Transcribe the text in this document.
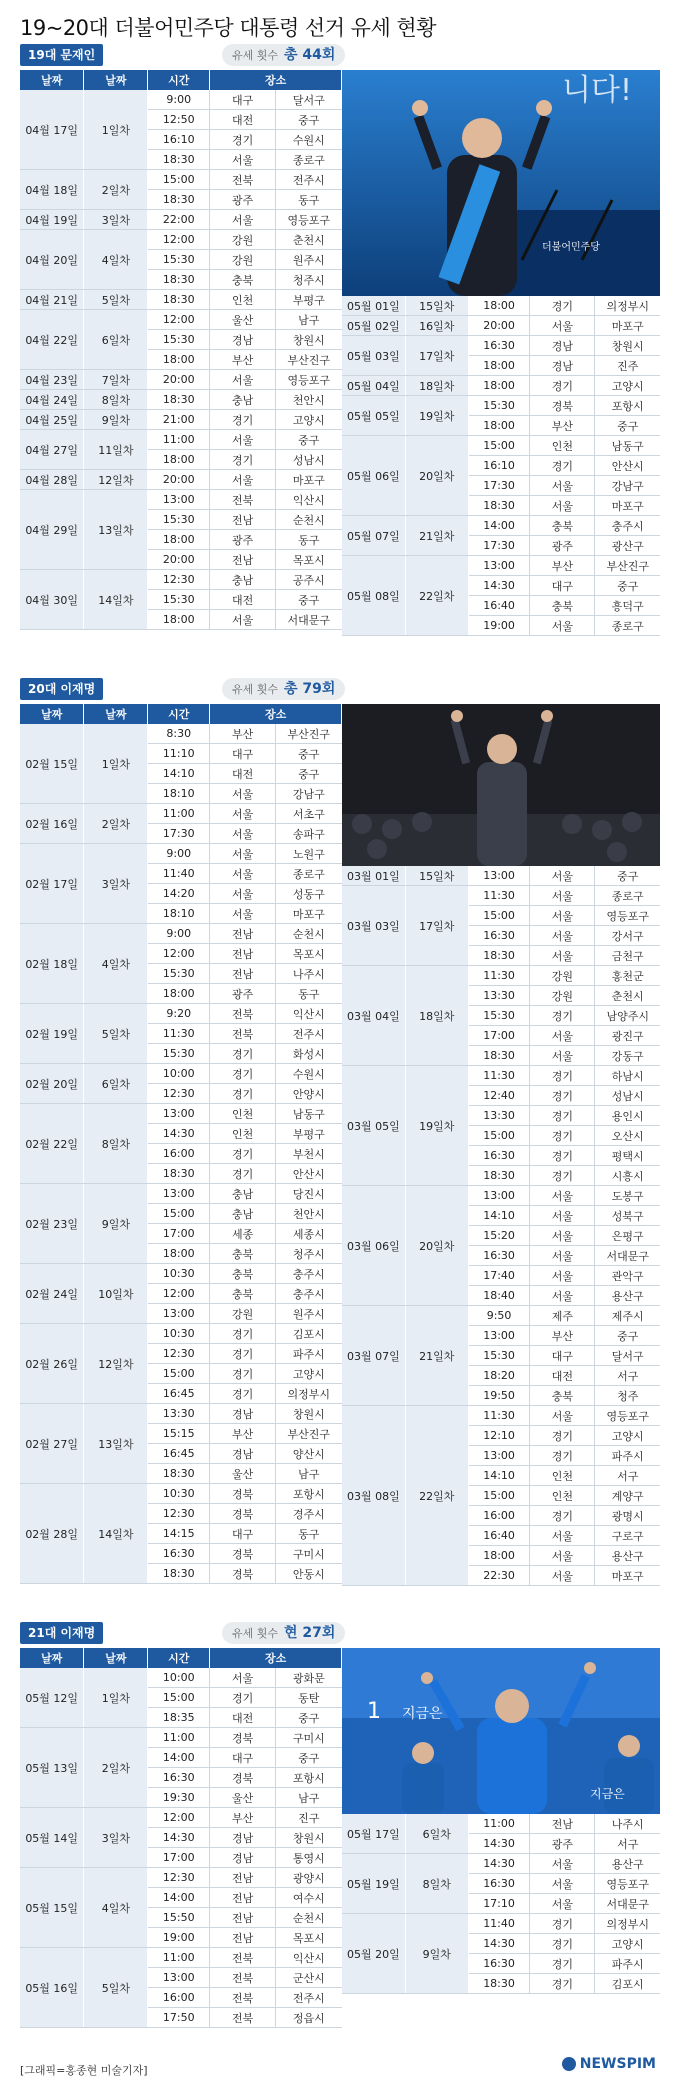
19~20대 더불어민주당 대통령 선거 유세 현황
19대 문재인	유세 횟수 총 44회
니다!
더불어민주당
날짜	날짜	시간	장소	
04월 17일	1일차	9:00	대구	달서구
		12:50	대전	중구
		16:10	경기	수원시
		18:30	서울	종로구
04월 18일	2일차	15:00	전북	전주시
		18:30	광주	동구
04월 19일	3일차	22:00	서울	영등포구
04월 20일	4일차	12:00	강원	춘천시
		15:30	강원	원주시
		18:30	충북	청주시
04월 21일	5일차	18:30	인천	부평구
04월 22일	6일차	12:00	울산	남구
		15:30	경남	창원시
		18:00	부산	부산진구
04월 23일	7일차	20:00	서울	영등포구
04월 24일	8일차	18:30	충남	천안시
04월 25일	9일차	21:00	경기	고양시
04월 27일	11일차	11:00	서울	중구
		18:00	경기	성남시
04월 28일	12일차	20:00	서울	마포구
04월 29일	13일차	13:00	전북	익산시
		15:30	전남	순천시
		18:00	광주	동구
		20:00	전남	목포시
04월 30일	14일차	12:30	충남	공주시
		15:30	대전	중구
		18:00	서울	서대문구
05월 01일	15일차	18:00	경기	의정부시
05월 02일	16일차	20:00	서울	마포구
05월 03일	17일차	16:30	경남	창원시
		18:00	경남	진주
05월 04일	18일차	18:00	경기	고양시
05월 05일	19일차	15:30	경북	포항시
		18:00	부산	중구
05월 06일	20일차	15:00	인천	남동구
		16:10	경기	안산시
		17:30	서울	강남구
		18:30	서울	마포구
05월 07일	21일차	14:00	충북	충주시
		17:30	광주	광산구
05월 08일	22일차	13:00	부산	부산진구
		14:30	대구	중구
		16:40	충북	흥덕구
		19:00	서울	종로구
20대 이재명	유세 횟수 총 79회
날짜	날짜	시간	장소	
02월 15일	1일차	8:30	부산	부산진구
		11:10	대구	중구
		14:10	대전	중구
		18:10	서울	강남구
02월 16일	2일차	11:00	서울	서초구
		17:30	서울	송파구
02월 17일	3일차	9:00	서울	노원구
		11:40	서울	종로구
		14:20	서울	성동구
		18:10	서울	마포구
02월 18일	4일차	9:00	전남	순천시
		12:00	전남	목포시
		15:30	전남	나주시
		18:00	광주	동구
02월 19일	5일차	9:20	전북	익산시
		11:30	전북	전주시
		15:30	경기	화성시
02월 20일	6일차	10:00	경기	수원시
		12:30	경기	안양시
02월 22일	8일차	13:00	인천	남동구
		14:30	인천	부평구
		16:00	경기	부천시
		18:30	경기	안산시
02월 23일	9일차	13:00	충남	당진시
		15:00	충남	천안시
		17:00	세종	세종시
		18:00	충북	청주시
02월 24일	10일차	10:30	충북	충주시
		12:00	충북	충주시
		13:00	강원	원주시
02월 26일	12일차	10:30	경기	김포시
		12:30	경기	파주시
		15:00	경기	고양시
		16:45	경기	의정부시
02월 27일	13일차	13:30	경남	창원시
		15:15	부산	부산진구
		16:45	경남	양산시
		18:30	울산	남구
02월 28일	14일차	10:30	경북	포항시
		12:30	경북	경주시
		14:15	대구	동구
		16:30	경북	구미시
		18:30	경북	안동시
03월 01일	15일차	13:00	서울	중구
03월 03일	17일차	11:30	서울	종로구
		15:00	서울	영등포구
		16:30	서울	강서구
		18:30	서울	금천구
03월 04일	18일차	11:30	강원	홍천군
		13:30	강원	춘천시
		15:30	경기	남양주시
		17:00	서울	광진구
		18:30	서울	강동구
03월 05일	19일차	11:30	경기	하남시
		12:40	경기	성남시
		13:30	경기	용인시
		15:00	경기	오산시
		16:30	경기	평택시
		18:30	경기	시흥시
03월 06일	20일차	13:00	서울	도봉구
		14:10	서울	성북구
		15:20	서울	은평구
		16:30	서울	서대문구
		17:40	서울	관악구
		18:40	서울	용산구
03월 07일	21일차	9:50	제주	제주시
		13:00	부산	중구
		15:30	대구	달서구
		18:20	대전	서구
		19:50	충북	청주
03월 08일	22일차	11:30	서울	영등포구
		12:10	경기	고양시
		13:00	경기	파주시
		14:10	인천	서구
		15:00	인천	계양구
		16:00	경기	광명시
		16:40	서울	구로구
		18:00	서울	용산구
		22:30	서울	마포구
21대 이재명	유세 횟수 현 27회
1 지금은
지금은
날짜	날짜	시간	장소	
05월 12일	1일차	10:00	서울	광화문
		15:00	경기	동탄
		18:35	대전	중구
05월 13일	2일차	11:00	경북	구미시
		14:00	대구	중구
		16:30	경북	포항시
		19:30	울산	남구
05월 14일	3일차	12:00	부산	진구
		14:30	경남	창원시
		17:00	경남	통영시
05월 15일	4일차	12:30	전남	광양시
		14:00	전남	여수시
		15:50	전남	순천시
		19:00	전남	목포시
05월 16일	5일차	11:00	전북	익산시
		13:00	전북	군산시
		16:00	전북	전주시
		17:50	전북	정읍시
05월 17일	6일차	11:00	전남	나주시
		14:30	광주	서구
05월 19일	8일차	14:30	서울	용산구
		16:30	서울	영등포구
		17:10	서울	서대문구
05월 20일	9일차	11:40	경기	의정부시
		14:30	경기	고양시
		16:30	경기	파주시
		18:30	경기	김포시
[그래픽=홍종현 미술기자]	NEWSPIM
